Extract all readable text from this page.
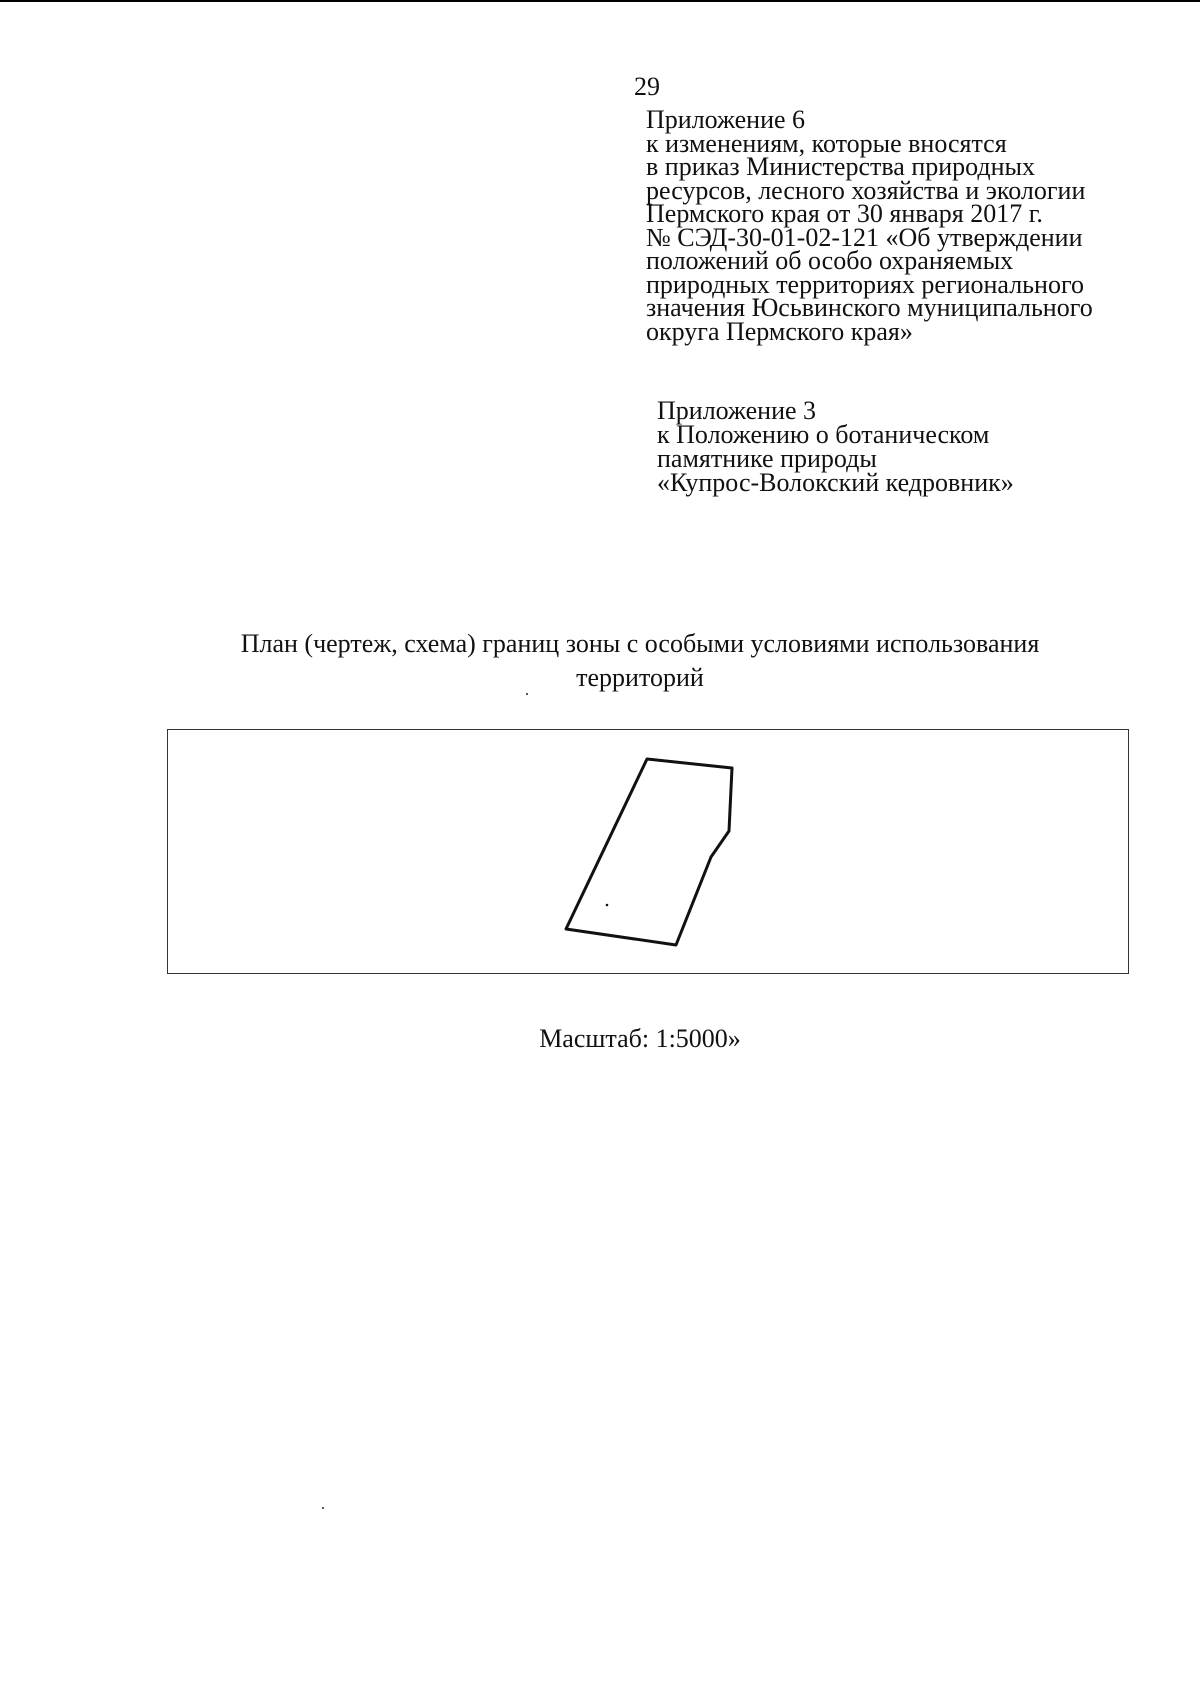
29
Приложение 6
к изменениям, которые вносятся
в приказ Министерства природных
ресурсов, лесного хозяйства и экологии
Пермского края от 30 января 2017 г.
№ СЭД-30-01-02-121 «Об утверждении
положений об особо охраняемых
природных территориях регионального
значения Юсьвинского муниципального
округа Пермского края»
Приложение 3
к Положению о ботаническом
памятнике природы
«Купрос-Волокский кедровник»
План (чертеж, схема) границ зоны с особыми условиями использования
территорий
Масштаб: 1:5000»
